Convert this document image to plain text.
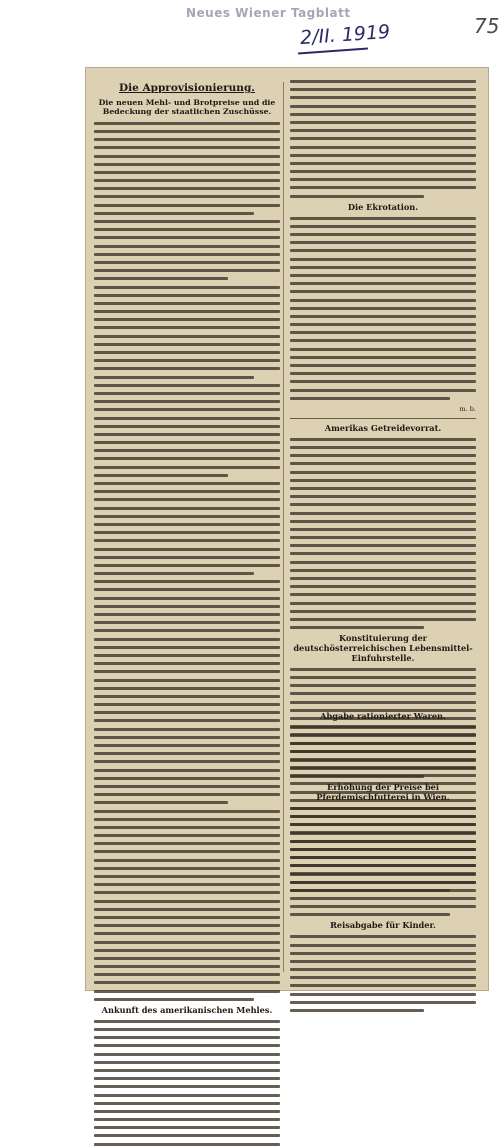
Neues Wiener Tagblatt
2/II. 1919	75
Die Approvisionierung.
Die neuen Mehl- und Brotpreise und die Bedeckung der staatlichen Zuschüsse.
Ankunft des amerikanischen Mehles.
Die Ekrotation.
m. b.
Amerikas Getreidevorrat.
Konstituierung der deutschösterreichischen Lebensmittel-Einfuhrstelle.
Abgabe rationierter Waren.
Erhöhung der Preise bei Pferdemischfutterei in Wien.
Reisabgabe für Kinder.
